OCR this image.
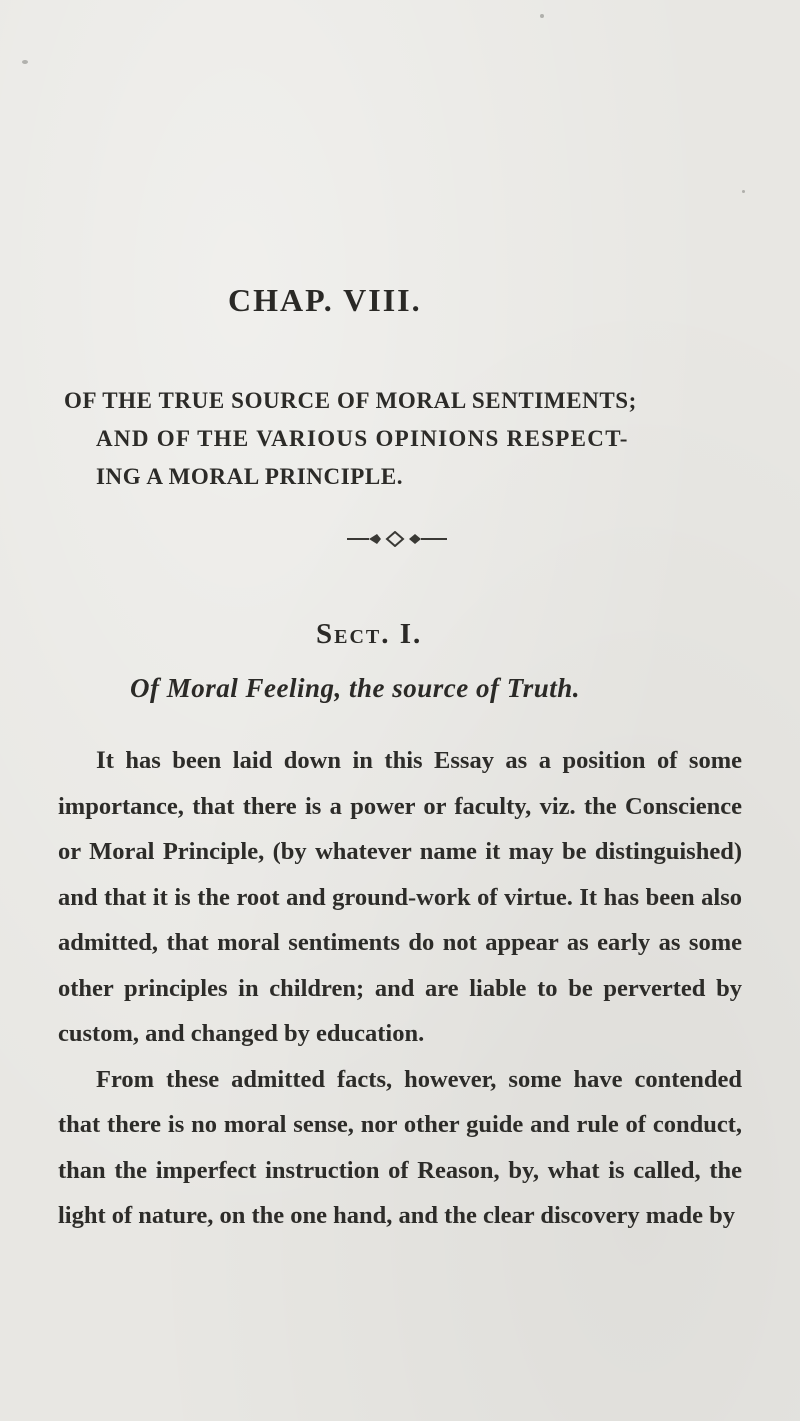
CHAP. VIII.
OF THE TRUE SOURCE OF MORAL SENTIMENTS;
AND OF THE VARIOUS OPINIONS RESPECT-
ING A MORAL PRINCIPLE.
Sect. I.
Of Moral Feeling, the source of Truth.

It has been laid down in this Essay as a position of some importance, that there is a power or faculty, viz. the Conscience or Moral Principle, (by whatever name it may be distinguished) and that it is the root and ground-work of virtue. It has been also admitted, that moral sentiments do not appear as early as some other principles in children; and are liable to be perverted by custom, and changed by education.

From these admitted facts, however, some have contended that there is no moral sense, nor other guide and rule of conduct, than the imperfect instruction of Reason, by, what is called, the light of nature, on the one hand, and the clear discovery made by
